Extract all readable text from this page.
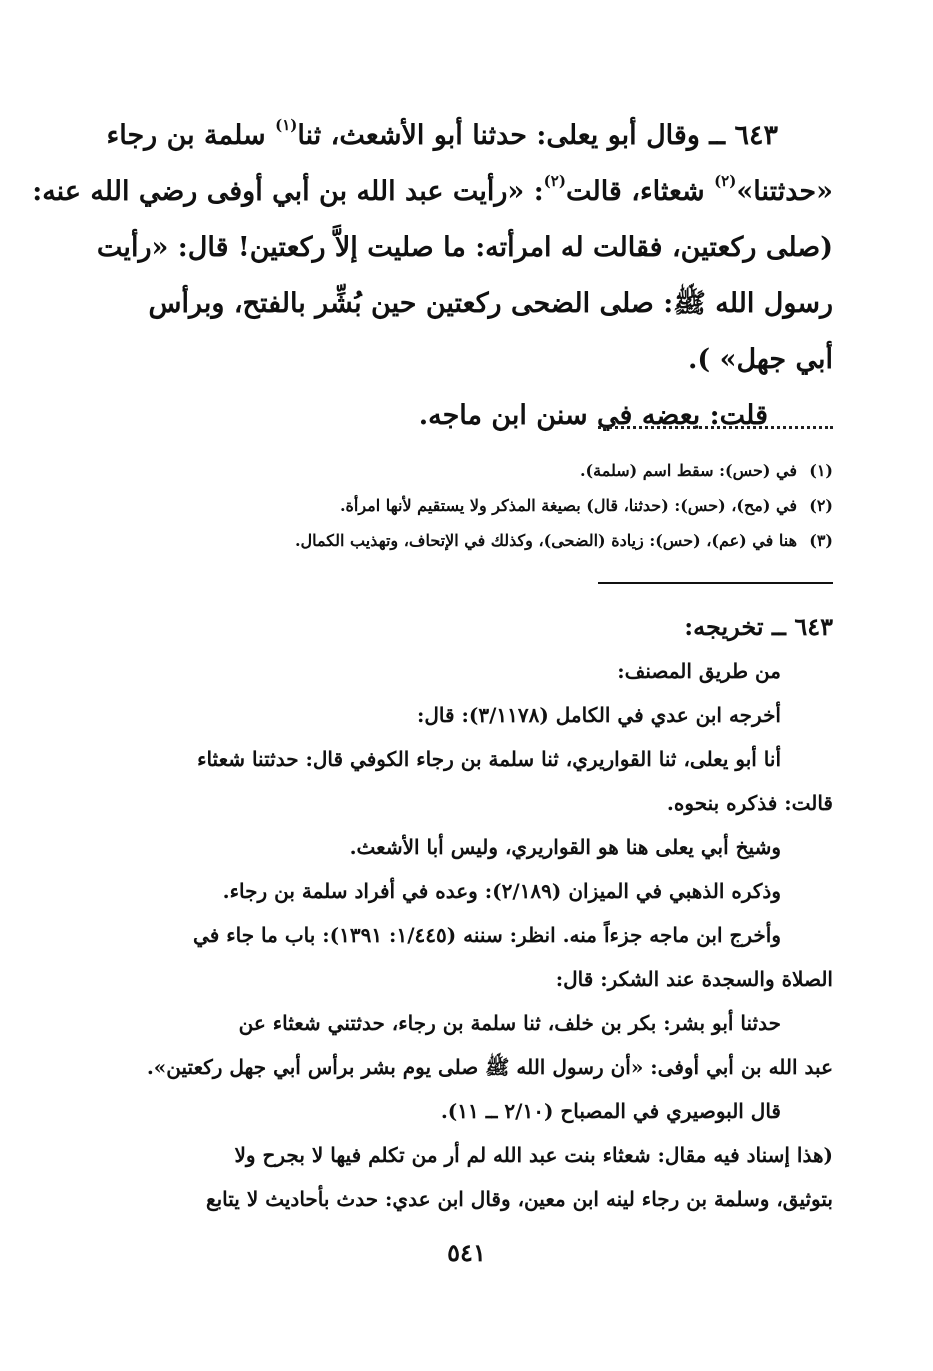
٦٤٣ ــ وقال أبو يعلى: حدثنا أبو الأشعث، ثنا$^{(١)}$ سلمة بن رجاء
«حدثتنا»$^{(٢)}$ شعثاء، قالت$^{(٢)}$: «رأيت عبد الله بن أبي أوفى رضي الله عنه:
(صلى ركعتين، فقالت له امرأته: ما صليت إلاَّ ركعتين! قال: «رأيت
رسول الله ﷺ: صلى الضحى ركعتين حين بُشِّر بالفتح، وبرأس
أبي جهل» ).
قلت: بعضه في سنن ابن ماجه.
(١)في (حس): سقط اسم (سلمة).
(٢)في (مح)، (حس): (حدثنا، قال) بصيغة المذكر ولا يستقيم لأنها امرأة.
(٣)هنا في (عم)، (حس): زيادة (الضحى)، وكذلك في الإتحاف، وتهذيب الكمال.
٦٤٣ ــ تخريجه:
من طريق المصنف:
أخرجه ابن عدي في الكامل (٣/١١٧٨): قال:
أنا أبو يعلى، ثنا القواريري، ثنا سلمة بن رجاء الكوفي قال: حدثتنا شعثاء
قالت: فذكره بنحوه.
وشيخ أبي يعلى هنا هو القواريري، وليس أبا الأشعث.
وذكره الذهبي في الميزان (٢/١٨٩): وعده في أفراد سلمة بن رجاء.
وأخرج ابن ماجه جزءاً منه. انظر: سننه (١/٤٤٥: ١٣٩١): باب ما جاء في
الصلاة والسجدة عند الشكر: قال:
حدثنا أبو بشر: بكر بن خلف، ثنا سلمة بن رجاء، حدثتني شعثاء عن
عبد الله بن أبي أوفى: «أن رسول الله ﷺ صلى يوم بشر برأس أبي جهل ركعتين».
قال البوصيري في المصباح (٢/١٠ ــ ١١).
(هذا إسناد فيه مقال: شعثاء بنت عبد الله لم أر من تكلم فيها لا بجرح ولا
بتوثيق، وسلمة بن رجاء لينه ابن معين، وقال ابن عدي: حدث بأحاديث لا يتابع
٥٤١
